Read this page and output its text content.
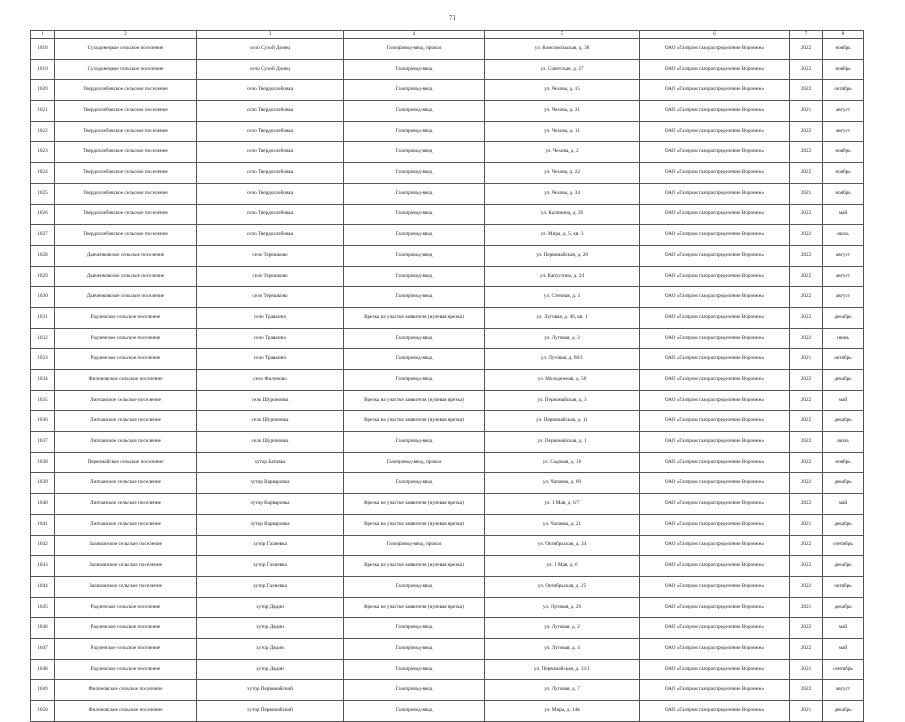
71
1	2	3	4	5	6	7	8
1018	Суходонецкое сельское поселение	село Сухой Донец	Газопровод-ввод, прокол	ул. Комсомольская, д. 38	ОАО «Газпром газораспределение Воронеж»	2022	ноябрь
1019	Суходонецкое сельское поселение	село Сухой Донец	Газопровод-ввод	ул. Советская, д. 27	ОАО «Газпром газораспределение Воронеж»	2022	ноябрь
1020	Твердохлебовское сельское поселение	село Твердохлебовка	Газопровод-ввод	ул. Чехова, д. 15	ОАО «Газпром газораспределение Воронеж»	2022	октябрь
1021	Твердохлебовское сельское поселение	село Твердохлебовка	Газопровод-ввод	ул. Чехова, д. 31	ОАО «Газпром газораспределение Воронеж»	2021	август
1022	Твердохлебовское сельское поселение	село Твердохлебовка	Газопровод-ввод	ул. Чехова, д. 11	ОАО «Газпром газораспределение Воронеж»	2022	август
1023	Твердохлебовское сельское поселение	село Твердохлебовка	Газопровод-ввод	ул. Чехова, д. 2	ОАО «Газпром газораспределение Воронеж»	2022	ноябрь
1024	Твердохлебовское сельское поселение	село Твердохлебовка	Газопровод-ввод	ул. Чехова, д. 22	ОАО «Газпром газораспределение Воронеж»	2022	ноябрь
1025	Твердохлебовское сельское поселение	село Твердохлебовка	Газопровод-ввод	ул. Чехова, д. 34	ОАО «Газпром газораспределение Воронеж»	2021	ноябрь
1026	Твердохлебовское сельское поселение	село Твердохлебовка	Газопровод-ввод	ул. Калинина, д. 20	ОАО «Газпром газораспределение Воронеж»	2022	май
1027	Твердохлебовское сельское поселение	село Твердохлебовка	Газопровод-ввод	ул. Мира, д. 5, кв. 3	ОАО «Газпром газораспределение Воронеж»	2022	июль
1028	Дьяченковское сельское поселение	село Терешково	Газопровод-ввод	ул. Первомайская, д. 20	ОАО «Газпром газораспределение Воронеж»	2022	август
1029	Дьяченковское сельское поселение	село Терешково	Газопровод-ввод	ул. Капустина, д. 24	ОАО «Газпром газораспределение Воронеж»	2022	август
1030	Дьяченковское сельское поселение	село Терешково	Газопровод-ввод	ул. Степная, д. 3	ОАО «Газпром газораспределение Воронеж»	2022	август
1031	Радченское сельское поселение	село Травкино	Врезка на участке заявителя (нулевая врезка)	ул. Луговая, д. 46, кв. 1	ОАО «Газпром газораспределение Воронеж»	2022	декабрь
1032	Радченское сельское поселение	село Травкино	Газопровод-ввод	ул. Луговая, д. 2	ОАО «Газпром газораспределение Воронеж»	2022	июнь
1033	Радченское сельское поселение	село Травкино	Газопровод-ввод	ул. Луговая, д. 60/1	ОАО «Газпром газораспределение Воронеж»	2021	октябрь
1034	Филоновское сельское поселение	село Филоново	Газопровод-ввод	ул. Молодежная, д. 50	ОАО «Газпром газораспределение Воронеж»	2022	декабрь
1035	Липчанское сельское поселение	село Шуриновка	Врезка на участке заявителя (нулевая врезка)	ул. Первомайская, д. 3	ОАО «Газпром газораспределение Воронеж»	2022	май
1036	Липчанское сельское поселение	село Шуриновка	Врезка на участке заявителя (нулевая врезка)	ул. Первомайская, д. 11	ОАО «Газпром газораспределение Воронеж»	2022	декабрь
1037	Липчанское сельское поселение	село Шуриновка	Газопровод-ввод	ул. Первомайская, д. 1	ОАО «Газпром газораспределение Воронеж»	2022	июль
1038	Первомайское сельское поселение	хутор Батовка	Газопровод-ввод, прокол	ул. Садовая, д. 16	ОАО «Газпром газораспределение Воронеж»	2022	ноябрь
1039	Липчанское сельское поселение	хутор Варваровка	Газопровод-ввод	ул. Чапаева, д. 69	ОАО «Газпром газораспределение Воронеж»	2022	декабрь
1040	Липчанское сельское поселение	хутор Варваровка	Врезка на участке заявителя (нулевая врезка)	ул. 1 Мая, д. 6/7	ОАО «Газпром газораспределение Воронеж»	2022	май
1041	Липчанское сельское поселение	хутор Варваровка	Врезка на участке заявителя (нулевая врезка)	ул. Чапаева, д. 21	ОАО «Газпром газораспределение Воронеж»	2021	декабрь
1042	Залиманское сельское поселение	хутор Галиевка	Газопровод-ввод, прокол	ул. Октябрьская, д. 34	ОАО «Газпром газораспределение Воронеж»	2022	сентябрь
1043	Залиманское сельское поселение	хутор Галиевка	Врезка на участке заявителя (нулевая врезка)	ул. 1 Мая, д. 6	ОАО «Газпром газораспределение Воронеж»	2022	декабрь
1044	Залиманское сельское поселение	хутор Галиевка	Газопровод-ввод	ул. Октябрьская, д. 25	ОАО «Газпром газораспределение Воронеж»	2022	октябрь
1045	Радченское сельское поселение	хутор Дядин	Врезка на участке заявителя (нулевая врезка)	ул. Луговая, д. 26	ОАО «Газпром газораспределение Воронеж»	2021	декабрь
1046	Радченское сельское поселение	хутор Дядин	Газопровод-ввод	ул. Луговая, д. 2	ОАО «Газпром газораспределение Воронеж»	2022	май
1047	Радченское сельское поселение	хутор Дядин	Газопровод-ввод	ул. Луговая, д. 4	ОАО «Газпром газораспределение Воронеж»	2022	май
1048	Радченское сельское поселение	хутор Дядин	Газопровод-ввод	ул. Первомайская, д. 13/1	ОАО «Газпром газораспределение Воронеж»	2021	сентябрь
1049	Филоновское сельское поселение	хутор Первомайский	Газопровод-ввод	ул. Луговая, д. 7	ОАО «Газпром газораспределение Воронеж»	2022	август
1050	Филоновское сельское поселение	хутор Первомайский	Газопровод-ввод	ул. Мира, д. 14в	ОАО «Газпром газораспределение Воронеж»	2021	декабрь
